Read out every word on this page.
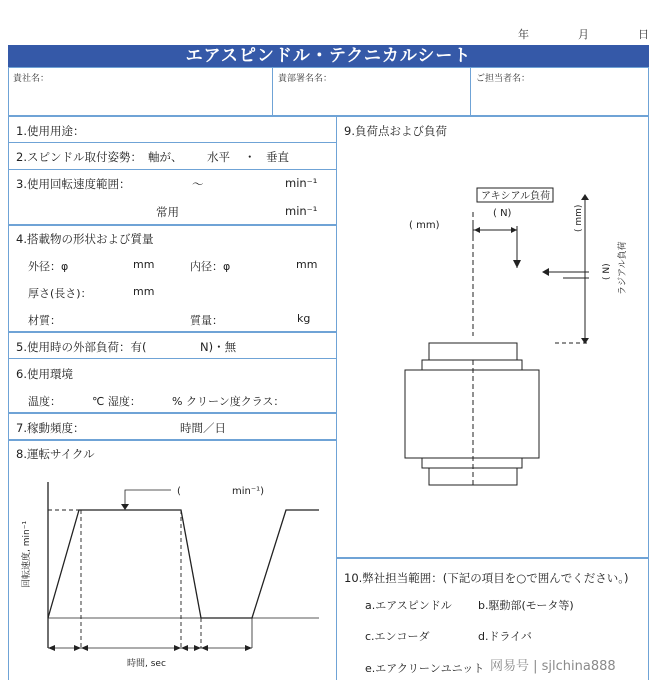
年	月	日
エアスピンドル・テクニカルシート
貴社名：	貴部署名名：	ご担当者名：
1.使用用途：
2.スピンドル取付姿勢： 軸が、 水平 ・ 垂直
3.使用回転速度範囲：	〜	min⁻¹
常用	min⁻¹
4.搭載物の形状および質量
外径：φ	mm	内径：φ	mm
厚さ(長さ)：	mm
材質：	質量：	kg
5.使用時の外部負荷：有(	N)・無
6.使用環境
温度：	℃ 湿度：	% クリーン度クラス：
7.稼動頻度：	時間／日
8.運転サイクル
(	min⁻¹)
回転速度, min⁻¹
時間, sec
9.負荷点および負荷
アキシアル負荷
( N)
( mm)	( mm)
ラジアル負荷
( N)
10.弊社担当範囲：(下記の項目を○で囲んでください。)
a.エアスピンドル b.駆動部(モータ等)
c.エンコーダ	d.ドライバ
e.エアクリーンユニット 网易号 | sjlchina888
